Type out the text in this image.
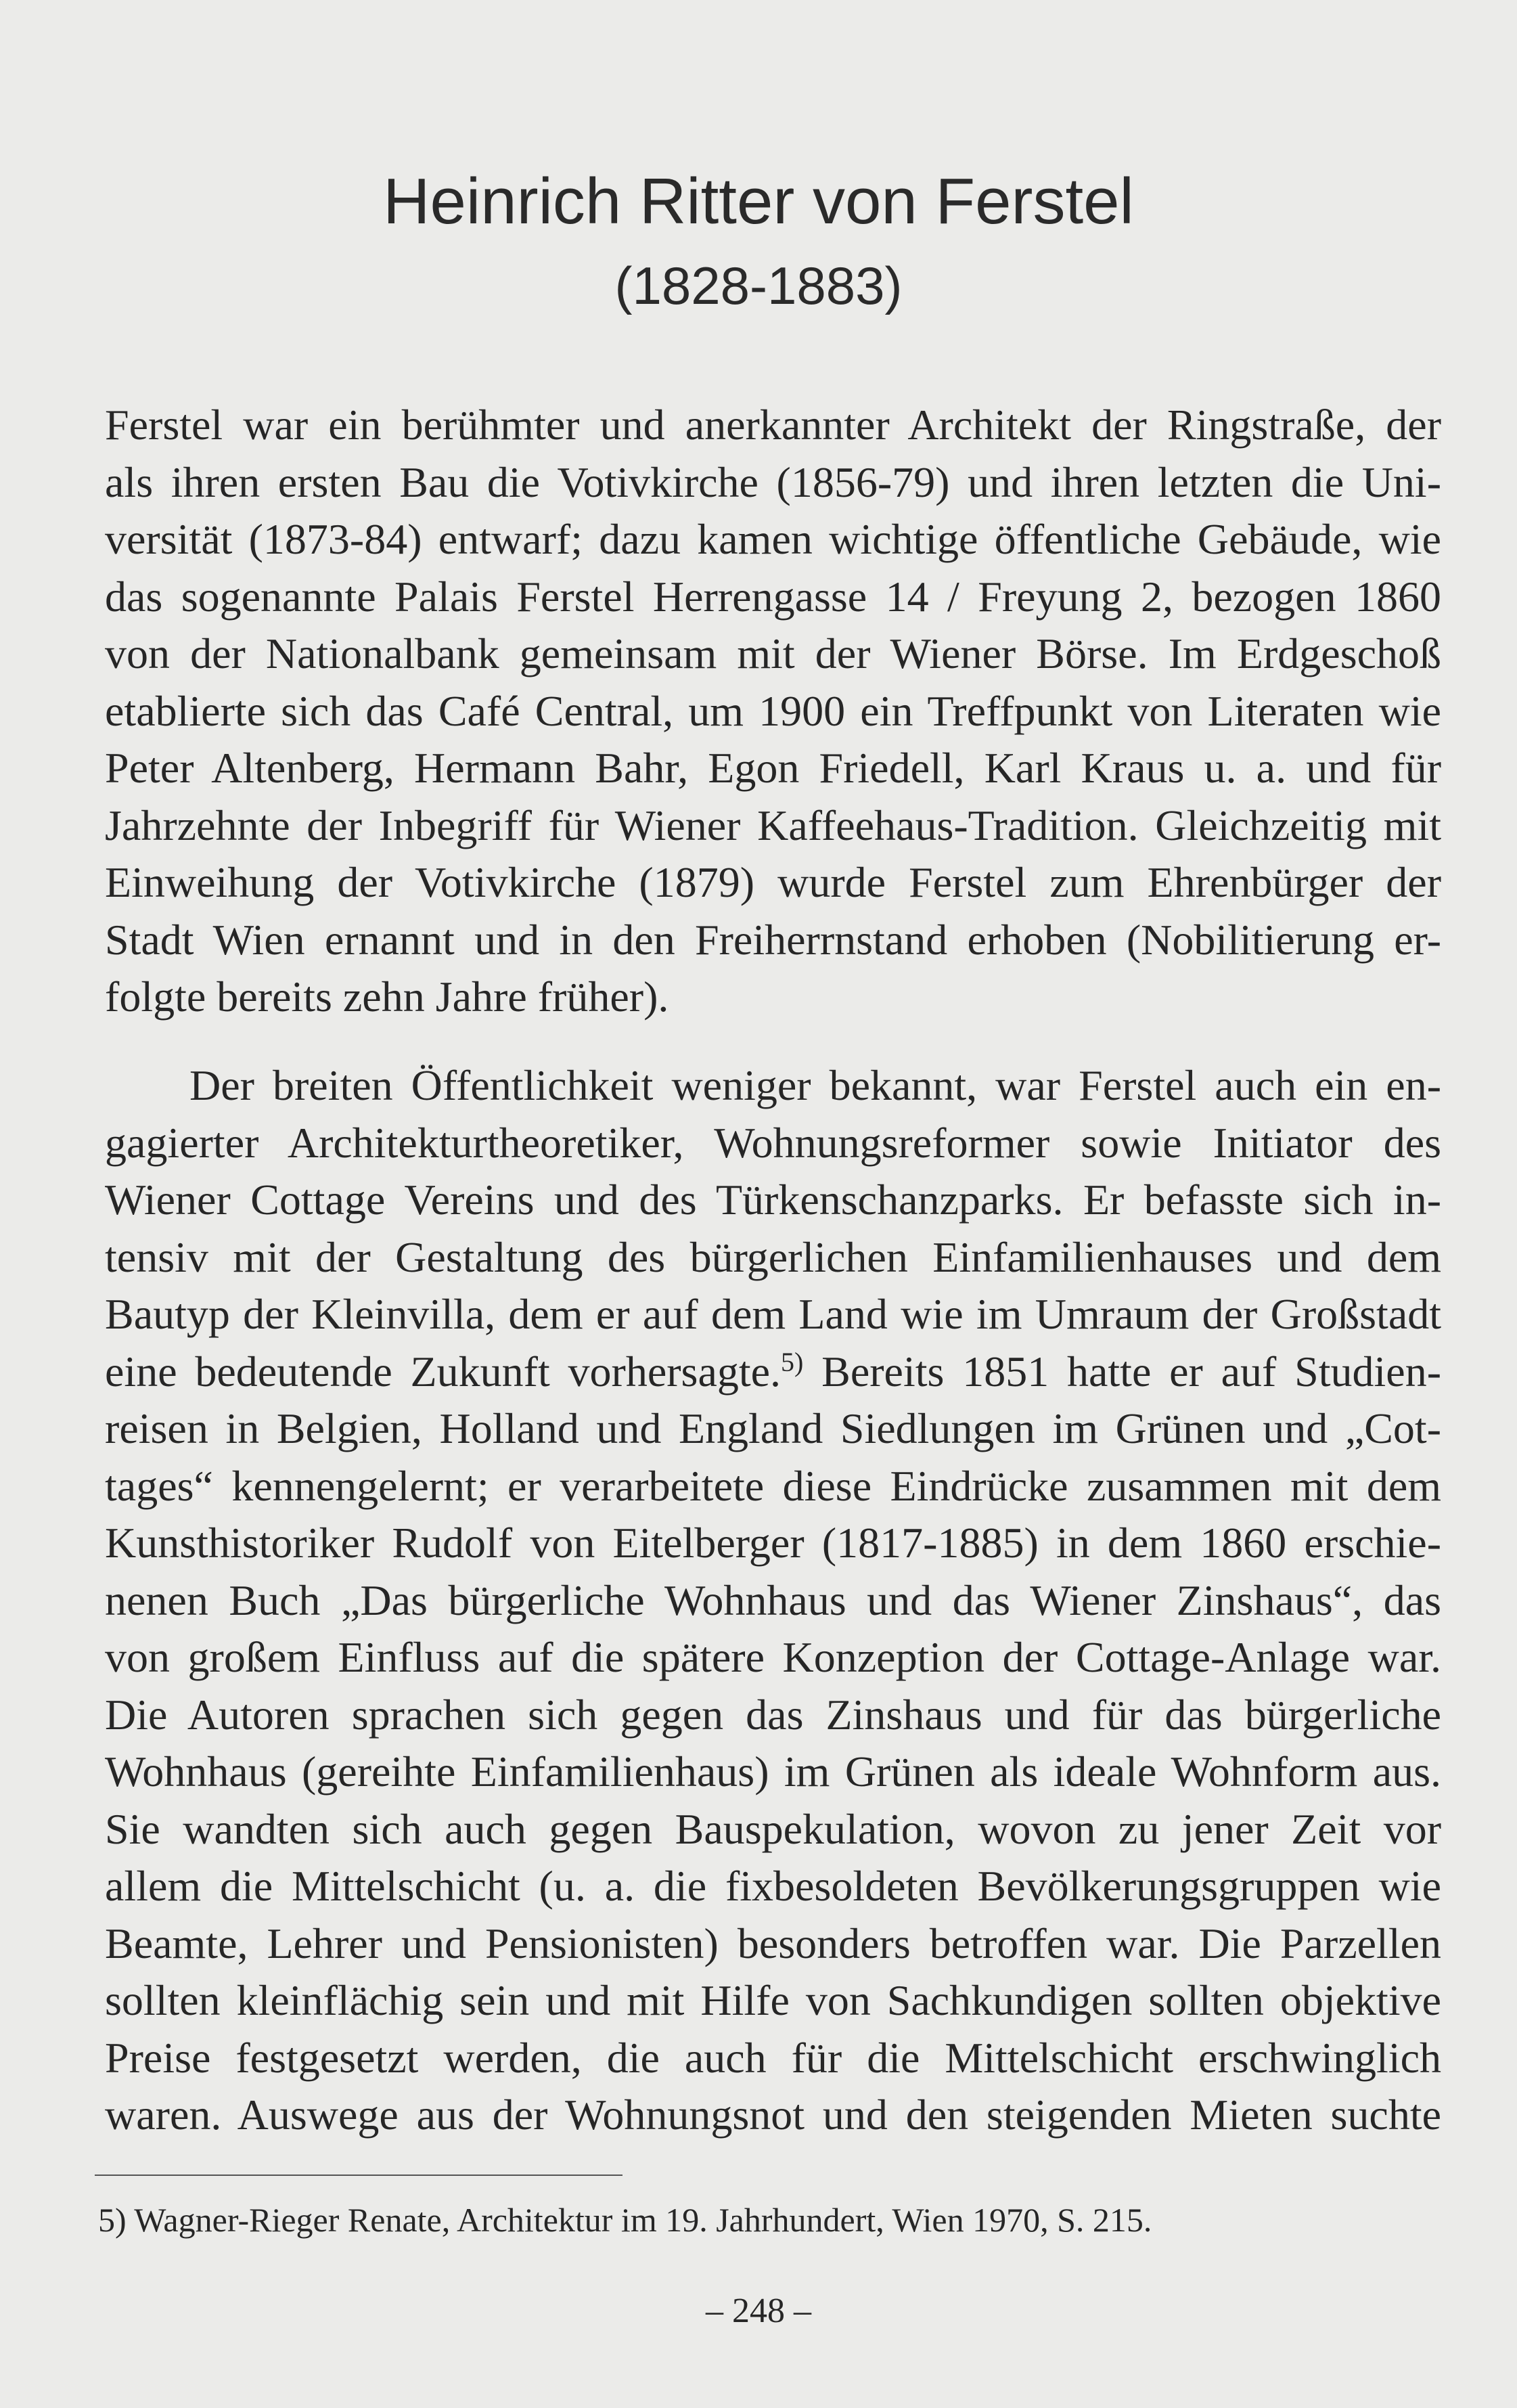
Heinrich Ritter von Ferstel
(1828-1883)
Ferstel war ein berühmter und anerkannter Architekt der Ringstraße, der
als ihren ersten Bau die Votivkirche (1856-79) und ihren letzten die Uni-
versität (1873-84) entwarf; dazu kamen wichtige öffentliche Gebäude, wie
das sogenannte Palais Ferstel Herrengasse 14 / Freyung 2, bezogen 1860
von der Nationalbank gemeinsam mit der Wiener Börse. Im Erdgeschoß
etablierte sich das Café Central, um 1900 ein Treffpunkt von Literaten wie
Peter Altenberg, Hermann Bahr, Egon Friedell, Karl Kraus u. a. und für
Jahrzehnte der Inbegriff für Wiener Kaffeehaus-Tradition. Gleichzeitig mit
Einweihung der Votivkirche (1879) wurde Ferstel zum Ehrenbürger der
Stadt Wien ernannt und in den Freiherrnstand erhoben (Nobilitierung er-
folgte bereits zehn Jahre früher).
Der breiten Öffentlichkeit weniger bekannt, war Ferstel auch ein en-
gagierter Architekturtheoretiker, Wohnungsreformer sowie Initiator des
Wiener Cottage Vereins und des Türkenschanzparks. Er befasste sich in-
tensiv mit der Gestaltung des bürgerlichen Einfamilienhauses und dem
Bautyp der Kleinvilla, dem er auf dem Land wie im Umraum der Großstadt
eine bedeutende Zukunft vorhersagte.$^{5)}$ Bereits 1851 hatte er auf Studien-
reisen in Belgien, Holland und England Siedlungen im Grünen und „Cot-
tages“ kennengelernt; er verarbeitete diese Eindrücke zusammen mit dem
Kunsthistoriker Rudolf von Eitelberger (1817-1885) in dem 1860 erschie-
nenen Buch „Das bürgerliche Wohnhaus und das Wiener Zinshaus“, das
von großem Einfluss auf die spätere Konzeption der Cottage-Anlage war.
Die Autoren sprachen sich gegen das Zinshaus und für das bürgerliche
Wohnhaus (gereihte Einfamilienhaus) im Grünen als ideale Wohnform aus.
Sie wandten sich auch gegen Bauspekulation, wovon zu jener Zeit vor
allem die Mittelschicht (u. a. die fixbesoldeten Bevölkerungsgruppen wie
Beamte, Lehrer und Pensionisten) besonders betroffen war. Die Parzellen
sollten kleinflächig sein und mit Hilfe von Sachkundigen sollten objektive
Preise festgesetzt werden, die auch für die Mittelschicht erschwinglich
waren. Auswege aus der Wohnungsnot und den steigenden Mieten suchte
5) Wagner-Rieger Renate, Architektur im 19. Jahrhundert, Wien 1970, S. 215.
– 248 –
